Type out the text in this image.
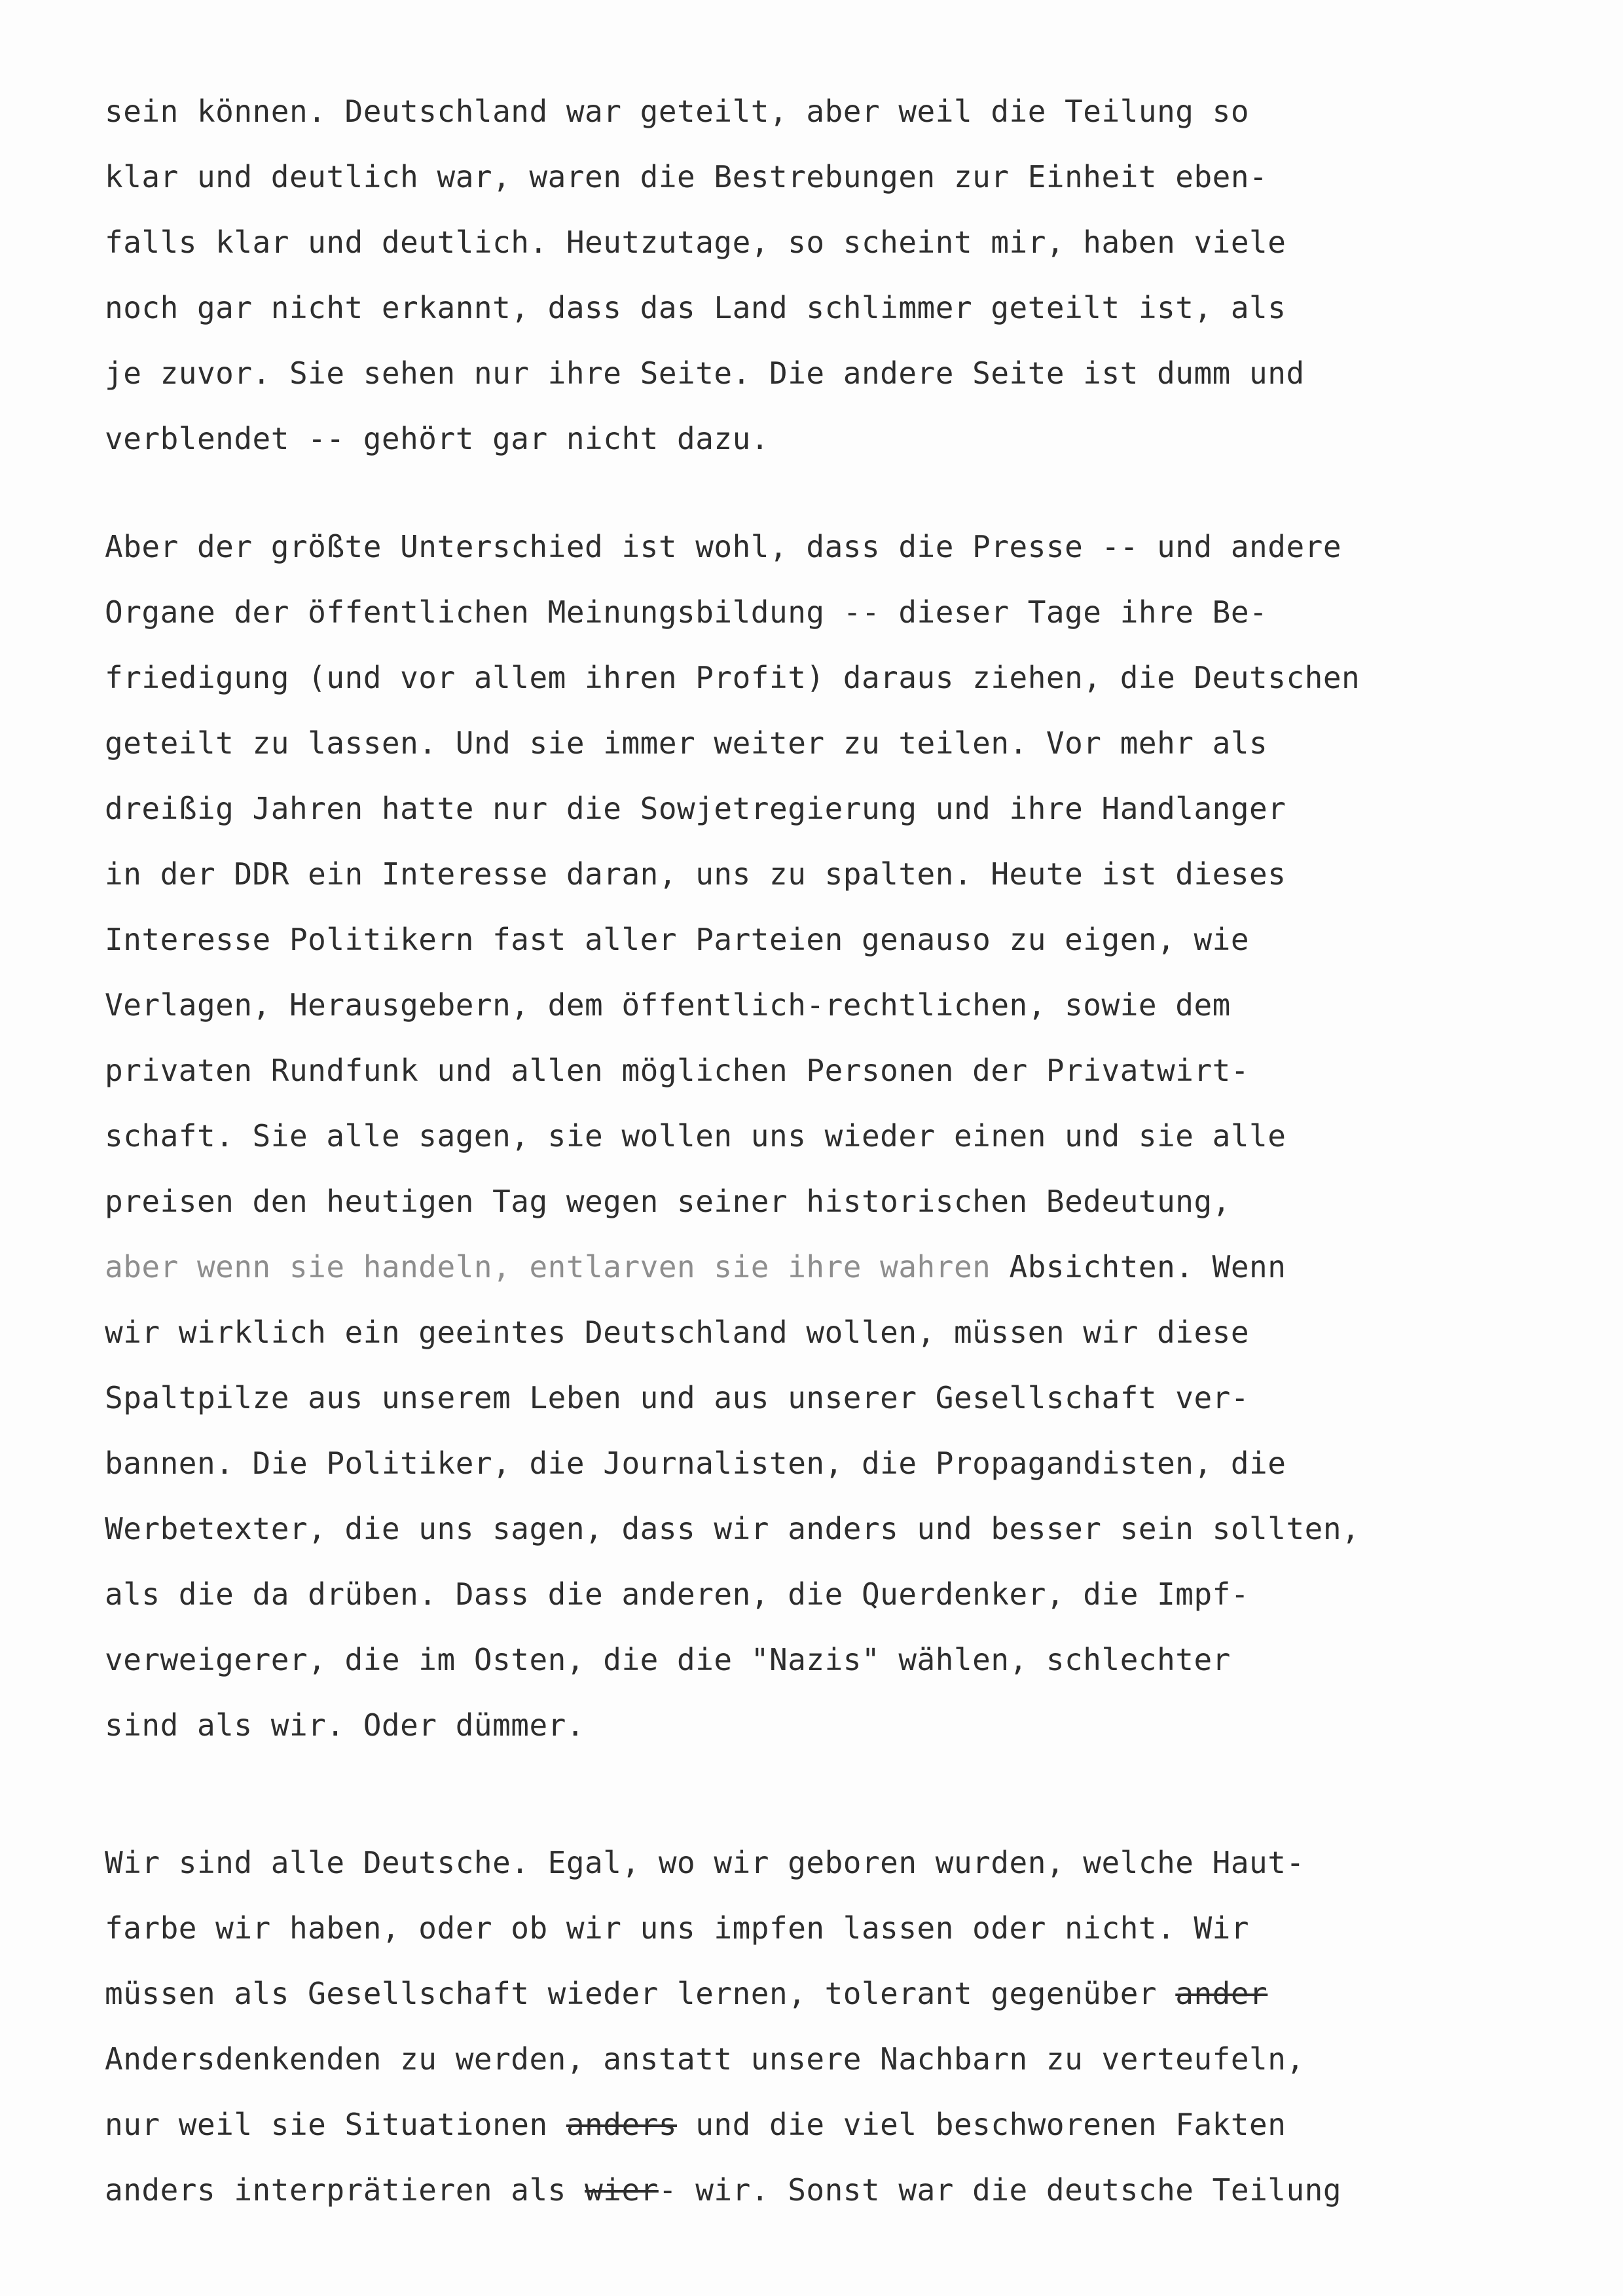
sein können. Deutschland war geteilt, aber weil die Teilung so
klar und deutlich war, waren die Bestrebungen zur Einheit eben-
falls klar und deutlich. Heutzutage, so scheint mir, haben viele
noch gar nicht erkannt, dass das Land schlimmer geteilt ist, als
je zuvor. Sie sehen nur ihre Seite. Die andere Seite ist dumm und
verblendet -- gehört gar nicht dazu.
Aber der größte Unterschied ist wohl, dass die Presse -- und andere
Organe der öffentlichen Meinungsbildung -- dieser Tage ihre Be-
friedigung (und vor allem ihren Profit) daraus ziehen, die Deutschen
geteilt zu lassen. Und sie immer weiter zu teilen. Vor mehr als
dreißig Jahren hatte nur die Sowjetregierung und ihre Handlanger
in der DDR ein Interesse daran, uns zu spalten. Heute ist dieses
Interesse Politikern fast aller Parteien genauso zu eigen, wie
Verlagen, Herausgebern, dem öffentlich-rechtlichen, sowie dem
privaten Rundfunk und allen möglichen Personen der Privatwirt-
schaft. Sie alle sagen, sie wollen uns wieder einen und sie alle
preisen den heutigen Tag wegen seiner historischen Bedeutung,
aber wenn sie handeln, entlarven sie ihre wahren Absichten. Wenn
wir wirklich ein geeintes Deutschland wollen, müssen wir diese
Spaltpilze aus unserem Leben und aus unserer Gesellschaft ver-
bannen. Die Politiker, die Journalisten, die Propagandisten, die
Werbetexter, die uns sagen, dass wir anders und besser sein sollten,
als die da drüben. Dass die anderen, die Querdenker, die Impf-
verweigerer, die im Osten, die die "Nazis" wählen, schlechter
sind als wir. Oder dümmer.
Wir sind alle Deutsche. Egal, wo wir geboren wurden, welche Haut-
farbe wir haben, oder ob wir uns impfen lassen oder nicht. Wir
müssen als Gesellschaft wieder lernen, tolerant gegenüber ander
Andersdenkenden zu werden, anstatt unsere Nachbarn zu verteufeln,
nur weil sie Situationen anders und die viel beschworenen Fakten
anders interprätieren als wier- wir. Sonst war die deutsche Teilung
